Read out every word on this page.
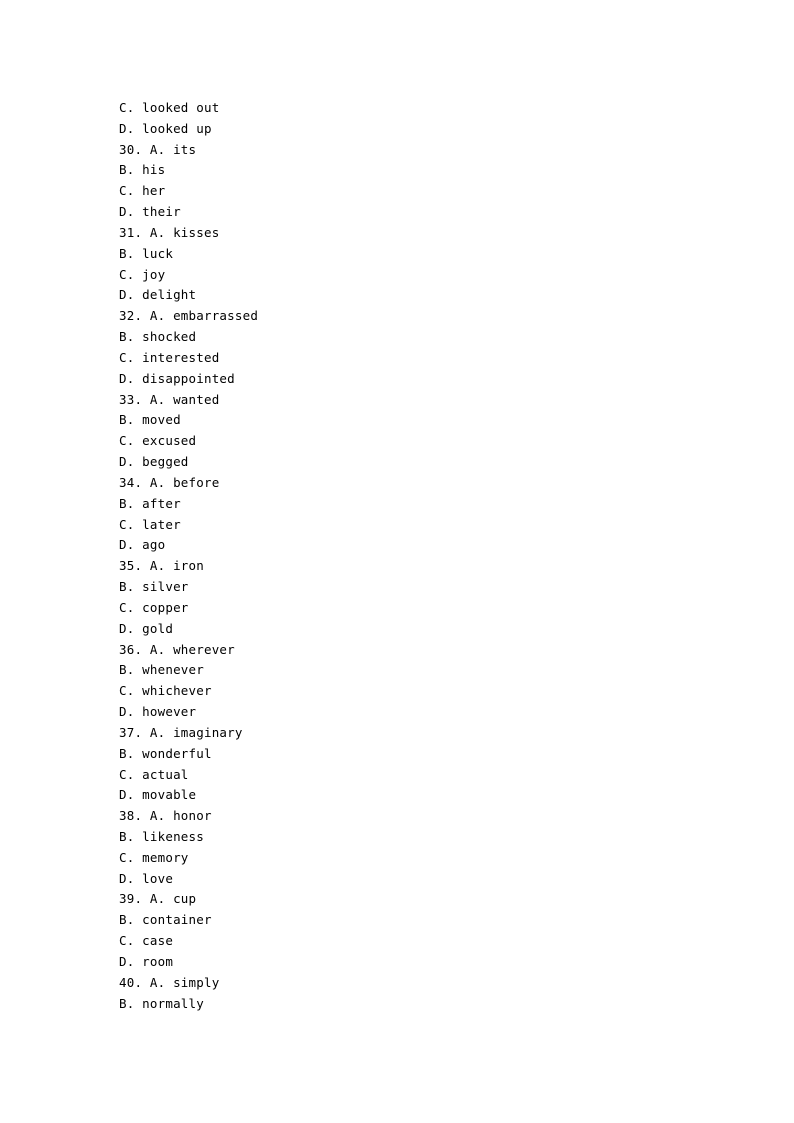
C. looked out
D. looked up
30. A. its
B. his
C. her
D. their
31. A. kisses
B. luck
C. joy
D. delight
32. A. embarrassed
B. shocked
C. interested
D. disappointed
33. A. wanted
B. moved
C. excused
D. begged
34. A. before
B. after
C. later
D. ago
35. A. iron
B. silver
C. copper
D. gold
36. A. wherever
B. whenever
C. whichever
D. however
37. A. imaginary
B. wonderful
C. actual
D. movable
38. A. honor
B. likeness
C. memory
D. love
39. A. cup
B. container
C. case
D. room
40. A. simply
B. normally
